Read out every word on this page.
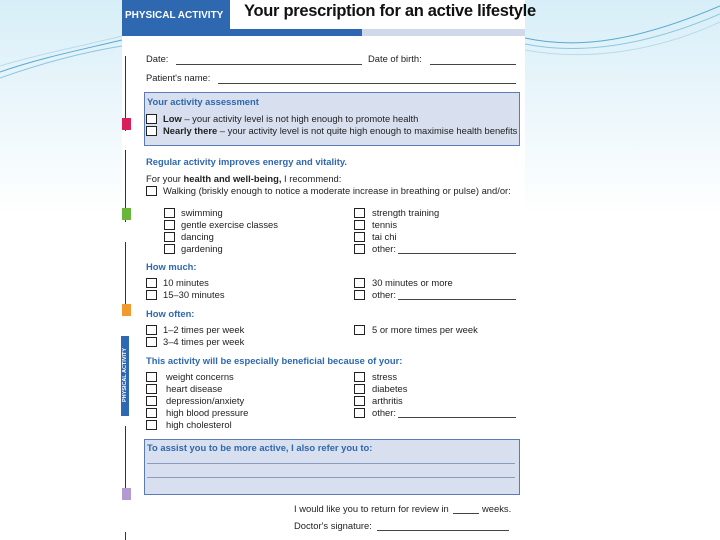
PHYSICAL ACTIVITY	Your prescription for an active lifestyle
PHYSICAL ACTIVITY
Date:	Date of birth:
Patient's name:
Your activity assessment
Low – your activity level is not high enough to promote health
Nearly there – your activity level is not quite high enough to maximise health benefits
Regular activity improves energy and vitality.
For your health and well-being, I recommend:
Walking (briskly enough to notice a moderate increase in breathing or pulse) and/or:
swimming
gentle exercise classes
dancing
gardening
strength training
tennis
tai chi
other:
How much:
10 minutes
15–30 minutes
30 minutes or more
other:
How often:
1–2 times per week
3–4 times per week
5 or more times per week
This activity will be especially beneficial because of your:
weight concerns
heart disease
depression/anxiety
high blood pressure
high cholesterol
stress
diabetes
arthritis
other:
To assist you to be more active, I also refer you to:
I would like you to return for review in	weeks.
Doctor's signature:
